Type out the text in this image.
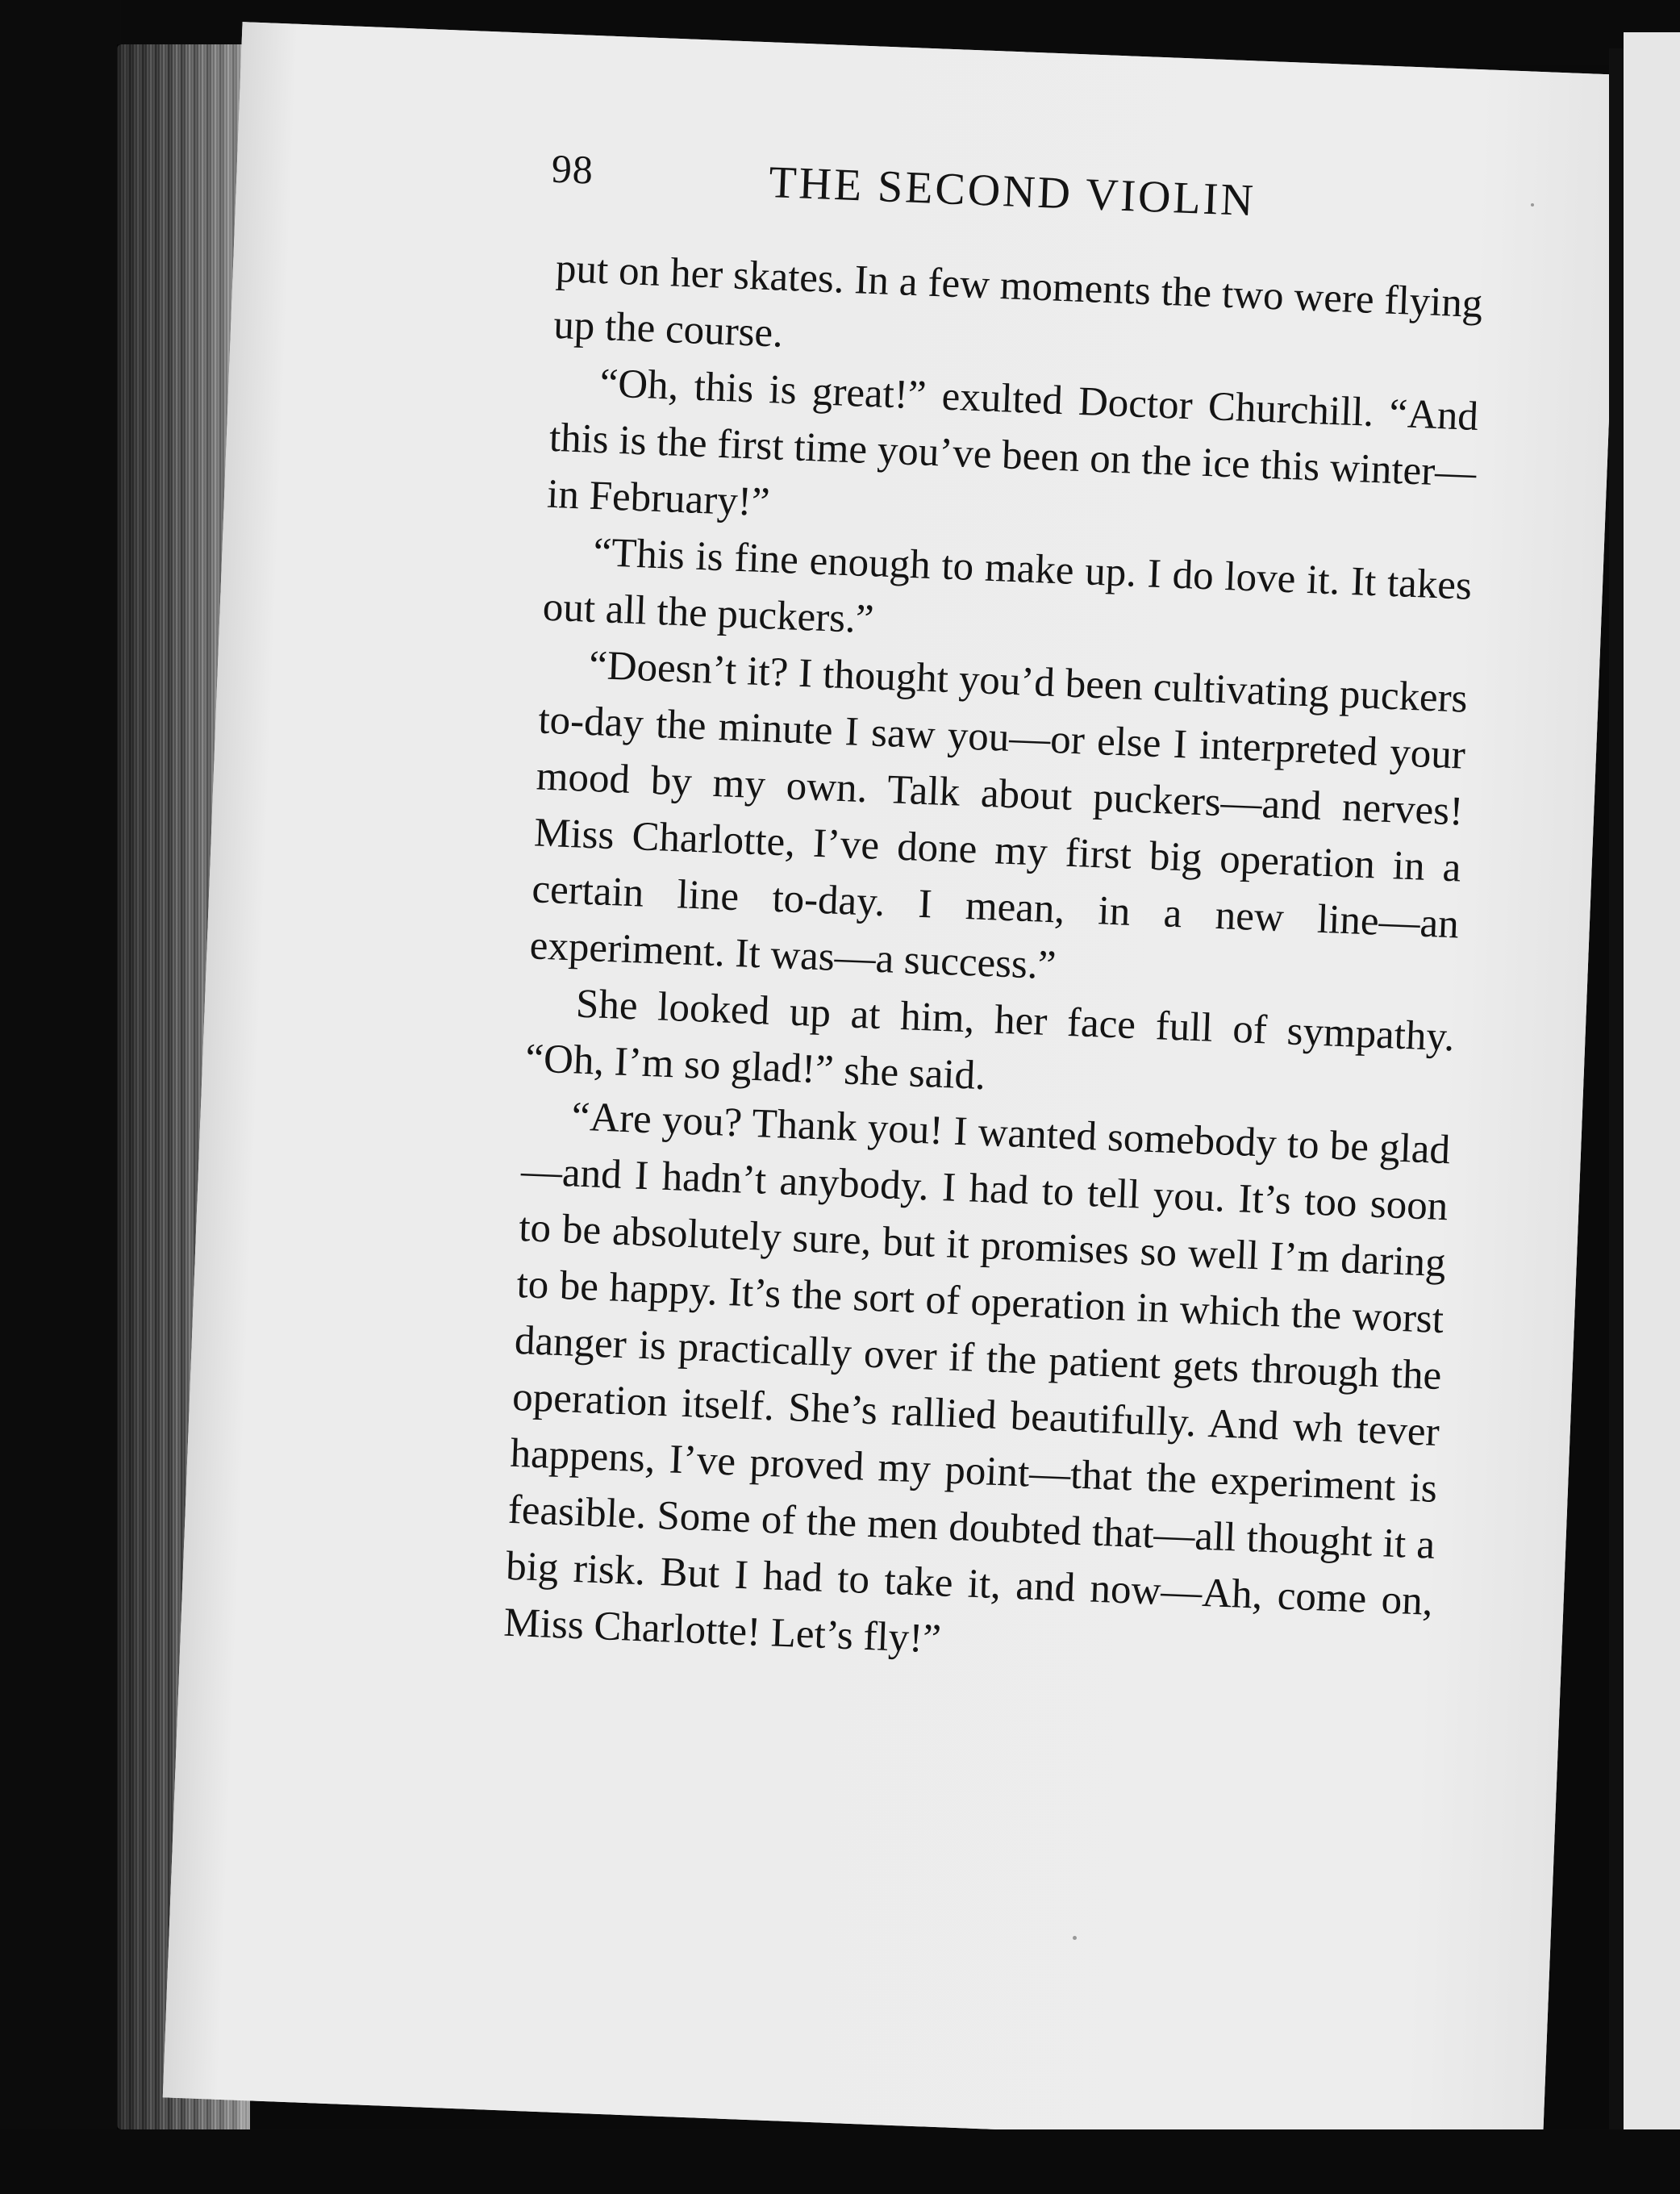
98	THE SECOND VIOLIN

put on her skates. In a few moments the two were flying up the course.

“Oh, this is great!” exulted Doctor Churchill. “And this is the first time you’ve been on the ice this winter—in February!”

“This is fine enough to make up. I do love it. It takes out all the puckers.”

“Doesn’t it? I thought you’d been cultivating puckers to-day the minute I saw you—or else I interpreted your mood by my own. Talk about puckers—and nerves! Miss Charlotte, I’ve done my first big operation in a certain line to-day. I mean, in a new line—an experiment. It was—a success.”

She looked up at him, her face full of sympathy. “Oh, I’m so glad!” she said.

“Are you? Thank you! I wanted somebody to be glad—and I hadn’t anybody. I had to tell you. It’s too soon to be absolutely sure, but it promises so well I’m daring to be happy. It’s the sort of operation in which the worst danger is practically over if the patient gets through the operation itself. She’s rallied beautifully. And wh tever happens, I’ve proved my point—that the experiment is feasible. Some of the men doubted that—all thought it a big risk. But I had to take it, and now—Ah, come on, Miss Charlotte! Let’s fly!”
